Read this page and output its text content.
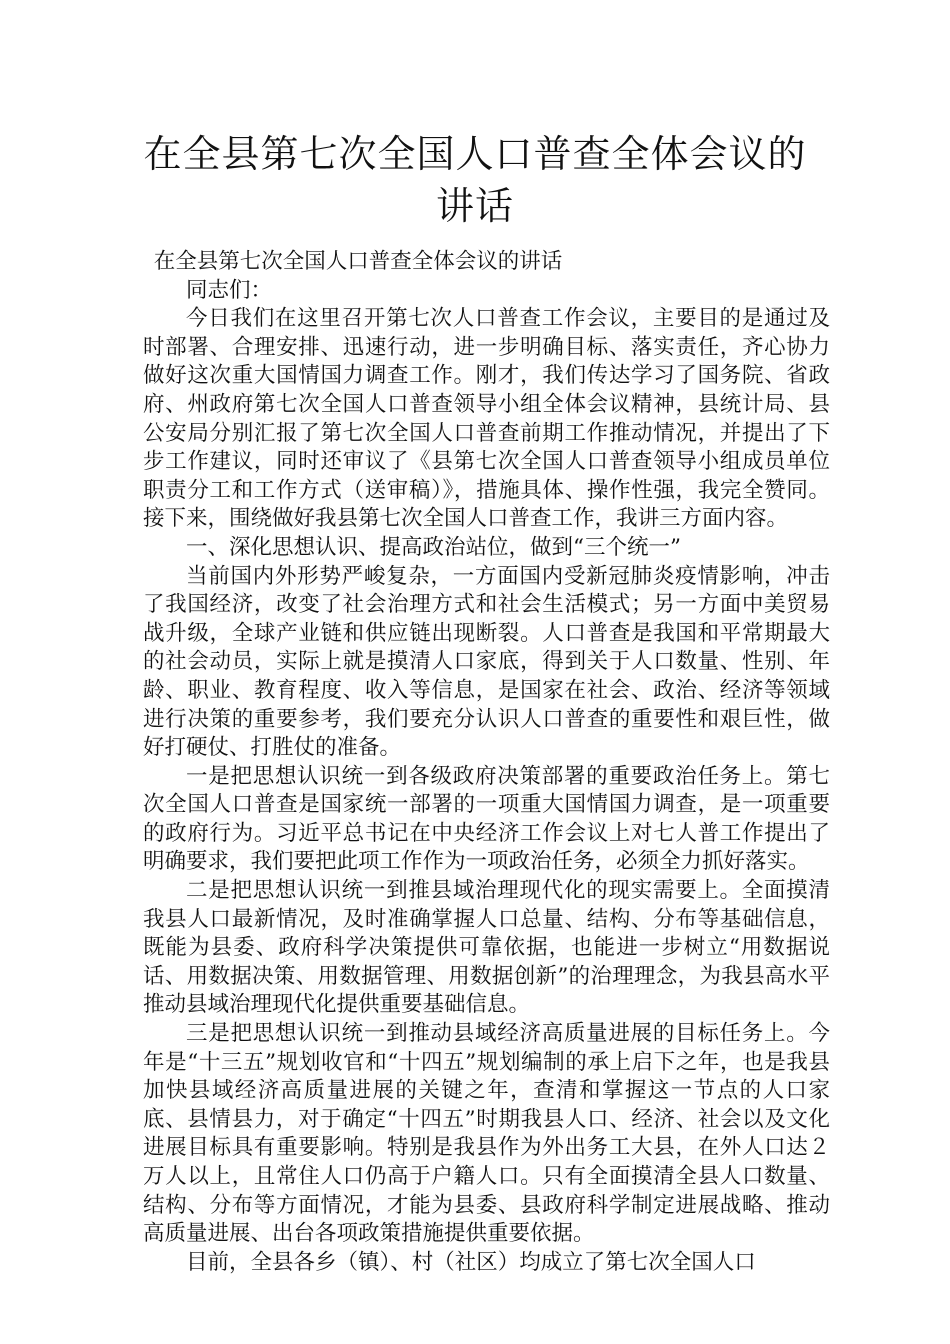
在全县第七次全国人口普查全体会议的讲话

在全县第七次全国人口普查全体会议的讲话

同志们：

今日我们在这里召开第七次人口普查工作会议，主要目的是通过及时部署、合理安排、迅速行动，进一步明确目标、落实责任，齐心协力做好这次重大国情国力调查工作。刚才，我们传达学习了国务院、省政府、州政府第七次全国人口普查领导小组全体会议精神，县统计局、县公安局分别汇报了第七次全国人口普查前期工作推动情况，并提出了下步工作建议，同时还审议了《县第七次全国人口普查领导小组成员单位职责分工和工作方式（送审稿）》，措施具体、操作性强，我完全赞同。接下来，围绕做好我县第七次全国人口普查工作，我讲三方面内容。

一、深化思想认识、提高政治站位，做到“三个统一”

当前国内外形势严峻复杂，一方面国内受新冠肺炎疫情影响，冲击了我国经济，改变了社会治理方式和社会生活模式；另一方面中美贸易战升级，全球产业链和供应链出现断裂。人口普查是我国和平常期最大的社会动员，实际上就是摸清人口家底，得到关于人口数量、性别、年龄、职业、教育程度、收入等信息，是国家在社会、政治、经济等领域进行决策的重要参考，我们要充分认识人口普查的重要性和艰巨性，做好打硬仗、打胜仗的准备。

一是把思想认识统一到各级政府决策部署的重要政治任务上。第七次全国人口普查是国家统一部署的一项重大国情国力调查，是一项重要的政府行为。习近平总书记在中央经济工作会议上对七人普工作提出了明确要求，我们要把此项工作作为一项政治任务，必须全力抓好落实。

二是把思想认识统一到推县域治理现代化的现实需要上。全面摸清我县人口最新情况，及时准确掌握人口总量、结构、分布等基础信息，既能为县委、政府科学决策提供可靠依据，也能进一步树立“用数据说话、用数据决策、用数据管理、用数据创新”的治理理念，为我县高水平推动县域治理现代化提供重要基础信息。

三是把思想认识统一到推动县域经济高质量进展的目标任务上。今年是“十三五”规划收官和“十四五”规划编制的承上启下之年，也是我县加快县域经济高质量进展的关键之年，查清和掌握这一节点的人口家底、县情县力，对于确定“十四五”时期我县人口、经济、社会以及文化进展目标具有重要影响。特别是我县作为外出务工大县，在外人口达２万人以上，且常住人口仍高于户籍人口。只有全面摸清全县人口数量、结构、分布等方面情况，才能为县委、县政府科学制定进展战略、推动高质量进展、出台各项政策措施提供重要依据。

目前，全县各乡（镇）、村（社区）均成立了第七次全国人口
